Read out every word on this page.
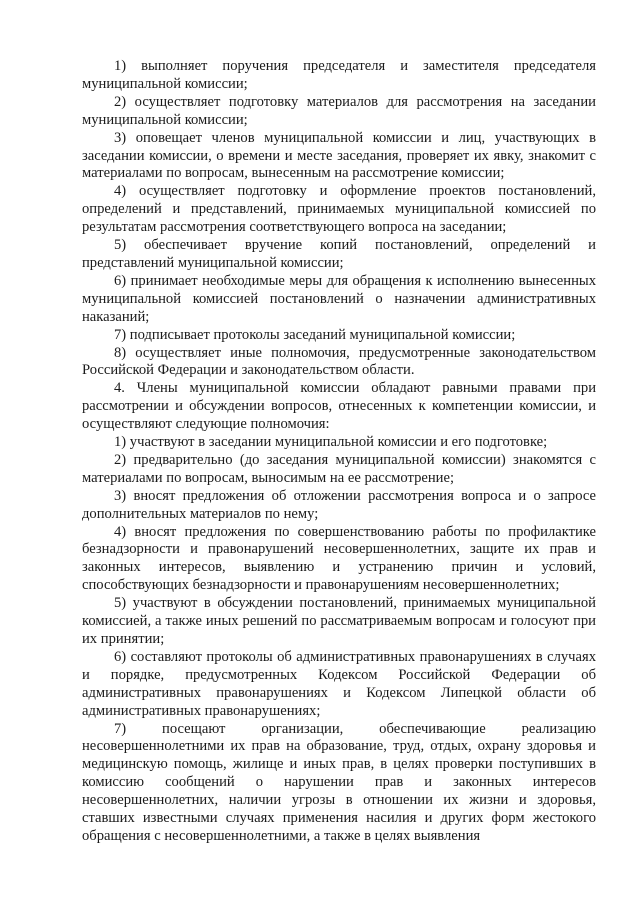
1) выполняет поручения председателя и заместителя председателя муниципальной комиссии;

2) осуществляет подготовку материалов для рассмотрения на заседании муниципальной комиссии;

3) оповещает членов муниципальной комиссии и лиц, участвующих в заседании комиссии, о времени и месте заседания, проверяет их явку, знакомит с материалами по вопросам, вынесенным на рассмотрение комиссии;

4) осуществляет подготовку и оформление проектов постановлений, определений и представлений, принимаемых муниципальной комиссией по результатам рассмотрения соответствующего вопроса на заседании;

5) обеспечивает вручение копий постановлений, определений и представлений муниципальной комиссии;

6) принимает необходимые меры для обращения к исполнению вынесенных муниципальной комиссией постановлений о назначении административных наказаний;

7) подписывает протоколы заседаний муниципальной комиссии;

8) осуществляет иные полномочия, предусмотренные законодательством Российской Федерации и законодательством области.

4. Члены муниципальной комиссии обладают равными правами при рассмотрении и обсуждении вопросов, отнесенных к компетенции комиссии, и осуществляют следующие полномочия:

1) участвуют в заседании муниципальной комиссии и его подготовке;

2) предварительно (до заседания муниципальной комиссии) знакомятся с материалами по вопросам, выносимым на ее рассмотрение;

3) вносят предложения об отложении рассмотрения вопроса и о запросе дополнительных материалов по нему;

4) вносят предложения по совершенствованию работы по профилактике безнадзорности и правонарушений несовершеннолетних, защите их прав и законных интересов, выявлению и устранению причин и условий, способствующих безнадзорности и правонарушениям несовершеннолетних;

5) участвуют в обсуждении постановлений, принимаемых муниципальной комиссией, а также иных решений по рассматриваемым вопросам и голосуют при их принятии;

6) составляют протоколы об административных правонарушениях в случаях и порядке, предусмотренных Кодексом Российской Федерации об административных правонарушениях и Кодексом Липецкой области об административных правонарушениях;

7) посещают организации, обеспечивающие реализацию несовершеннолетними их прав на образование, труд, отдых, охрану здоровья и медицинскую помощь, жилище и иных прав, в целях проверки поступивших в комиссию сообщений о нарушении прав и законных интересов несовершеннолетних, наличии угрозы в отношении их жизни и здоровья, ставших известными случаях применения насилия и других форм жестокого обращения с несовершеннолетними, а также в целях выявления
